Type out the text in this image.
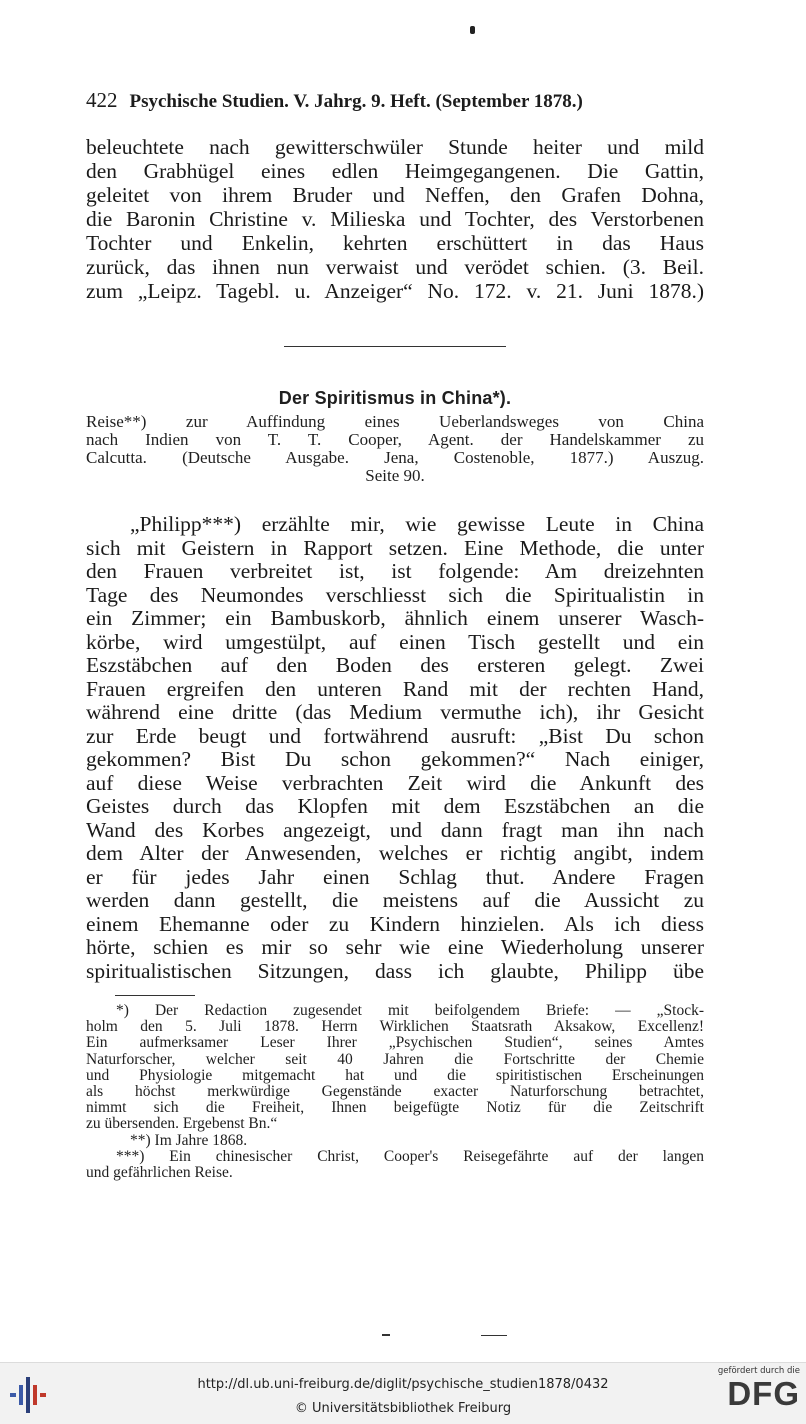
422 Psychische Studien. V. Jahrg. 9. Heft. (September 1878.)
beleuchtete nach gewitterschwüler Stunde heiter und mild
den Grabhügel eines edlen Heimgegangenen. Die Gattin,
geleitet von ihrem Bruder und Neffen, den Grafen Dohna,
die Baronin Christine v. Milieska und Tochter, des Verstorbenen
Tochter und Enkelin, kehrten erschüttert in das Haus
zurück, das ihnen nun verwaist und verödet schien. (3. Beil.
zum „Leipz. Tagebl. u. Anzeiger“ No. 172. v. 21. Juni 1878.)
Der Spiritismus in China*).
Reise**) zur Auffindung eines Ueberlandsweges von China
nach Indien von T. T. Cooper, Agent. der Handelskammer zu
Calcutta. (Deutsche Ausgabe. Jena, Costenoble, 1877.) Auszug.
Seite 90.
„Philipp***) erzählte mir, wie gewisse Leute in China
sich mit Geistern in Rapport setzen. Eine Methode, die unter
den Frauen verbreitet ist, ist folgende: Am dreizehnten
Tage des Neumondes verschliesst sich die Spiritualistin in
ein Zimmer; ein Bambuskorb, ähnlich einem unserer Wasch-
körbe, wird umgestülpt, auf einen Tisch gestellt und ein
Eszstäbchen auf den Boden des ersteren gelegt. Zwei
Frauen ergreifen den unteren Rand mit der rechten Hand,
während eine dritte (das Medium vermuthe ich), ihr Gesicht
zur Erde beugt und fortwährend ausruft: „Bist Du schon
gekommen? Bist Du schon gekommen?“ Nach einiger,
auf diese Weise verbrachten Zeit wird die Ankunft des
Geistes durch das Klopfen mit dem Eszstäbchen an die
Wand des Korbes angezeigt, und dann fragt man ihn nach
dem Alter der Anwesenden, welches er richtig angibt, indem
er für jedes Jahr einen Schlag thut. Andere Fragen
werden dann gestellt, die meistens auf die Aussicht zu
einem Ehemanne oder zu Kindern hinzielen. Als ich diess
hörte, schien es mir so sehr wie eine Wiederholung unserer
spiritualistischen Sitzungen, dass ich glaubte, Philipp übe
*) Der Redaction zugesendet mit beifolgendem Briefe: — „Stock-
holm den 5. Juli 1878. Herrn Wirklichen Staatsrath Aksakow, Excellenz!
Ein aufmerksamer Leser Ihrer „Psychischen Studien“, seines Amtes
Naturforscher, welcher seit 40 Jahren die Fortschritte der Chemie
und Physiologie mitgemacht hat und die spiritistischen Erscheinungen
als höchst merkwürdige Gegenstände exacter Naturforschung betrachtet,
nimmt sich die Freiheit, Ihnen beigefügte Notiz für die Zeitschrift
zu übersenden. Ergebenst Bn.“
**) Im Jahre 1868.
***) Ein chinesischer Christ, Cooper's Reisegefährte auf der langen
und gefährlichen Reise.
http://dl.ub.uni-freiburg.de/diglit/psychische_studien1878/0432
© Universitätsbibliothek Freiburg
gefördert durch die
DFG
